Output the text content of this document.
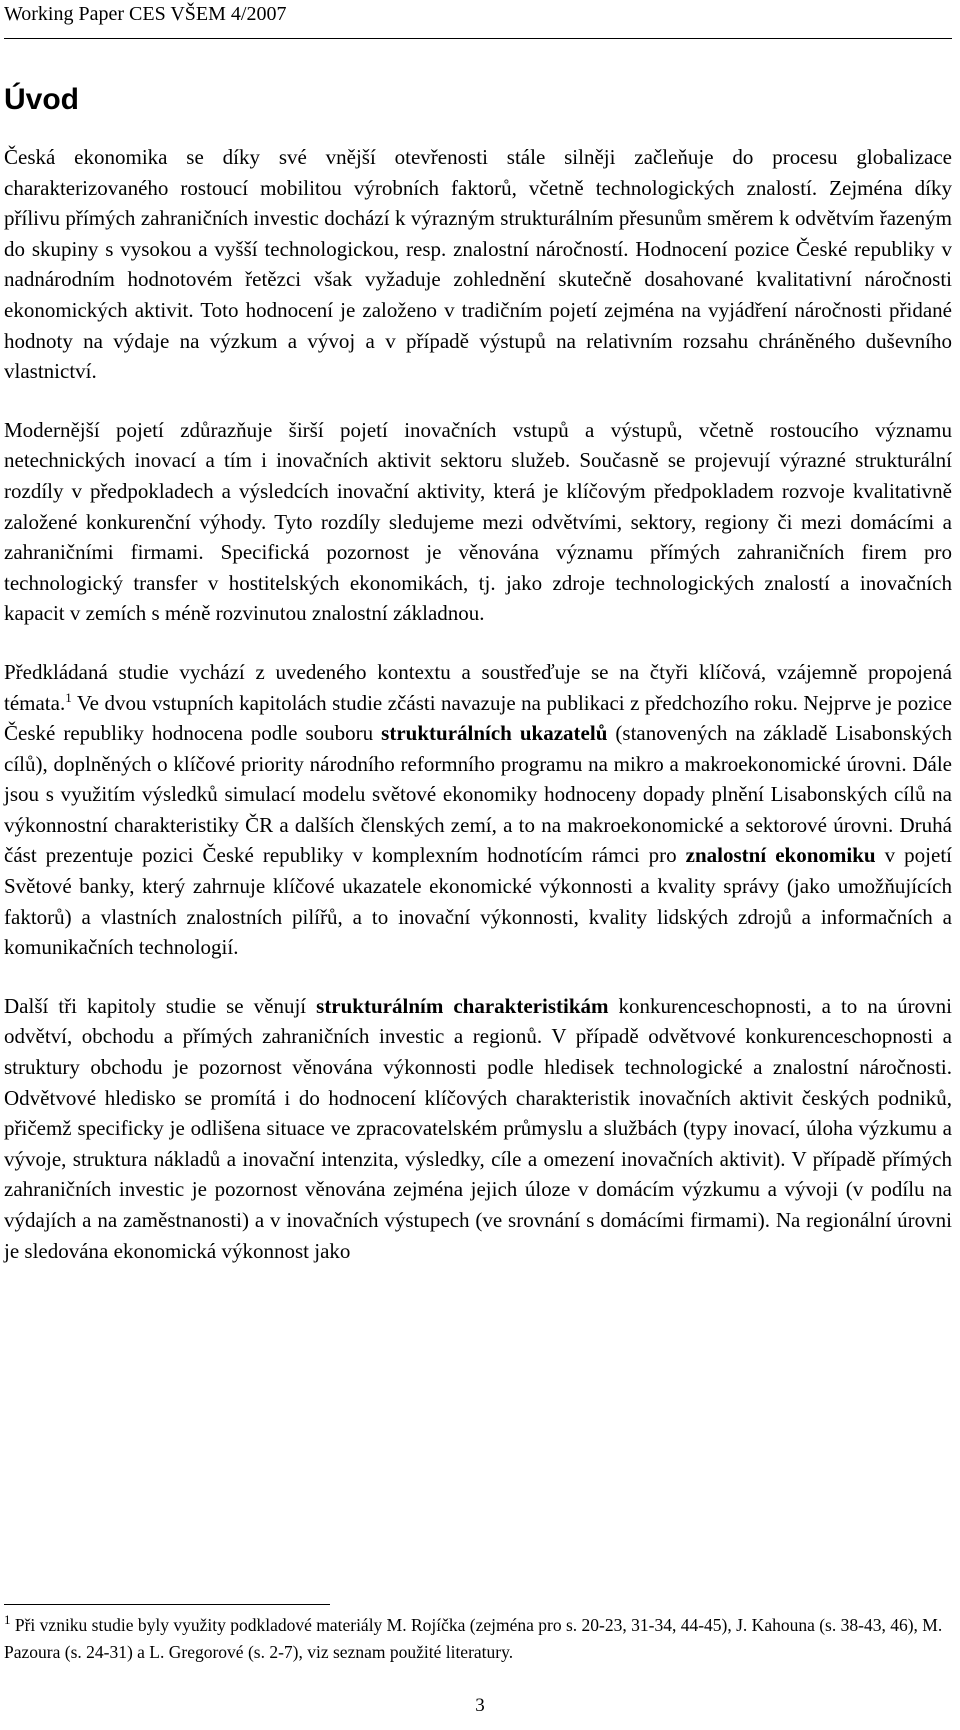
Working Paper CES VŠEM 4/2007
Úvod

Česká ekonomika se díky své vnější otevřenosti stále silněji začleňuje do procesu globalizace charakterizovaného rostoucí mobilitou výrobních faktorů, včetně technologických znalostí. Zejména díky přílivu přímých zahraničních investic dochází k výrazným strukturálním přesunům směrem k odvětvím řazeným do skupiny s vysokou a vyšší technologickou, resp. znalostní náročností. Hodnocení pozice České republiky v nadnárodním hodnotovém řetězci však vyžaduje zohlednění skutečně dosahované kvalitativní náročnosti ekonomických aktivit. Toto hodnocení je založeno v tradičním pojetí zejména na vyjádření náročnosti přidané hodnoty na výdaje na výzkum a vývoj a v případě výstupů na relativním rozsahu chráněného duševního vlastnictví.

Modernější pojetí zdůrazňuje širší pojetí inovačních vstupů a výstupů, včetně rostoucího významu netechnických inovací a tím i inovačních aktivit sektoru služeb. Současně se projevují výrazné strukturální rozdíly v předpokladech a výsledcích inovační aktivity, která je klíčovým předpokladem rozvoje kvalitativně založené konkurenční výhody. Tyto rozdíly sledujeme mezi odvětvími, sektory, regiony či mezi domácími a zahraničními firmami. Specifická pozornost je věnována významu přímých zahraničních firem pro technologický transfer v hostitelských ekonomikách, tj. jako zdroje technologických znalostí a inovačních kapacit v zemích s méně rozvinutou znalostní základnou.

Předkládaná studie vychází z uvedeného kontextu a soustřeďuje se na čtyři klíčová, vzájemně propojená témata.$^1$ Ve dvou vstupních kapitolách studie zčásti navazuje na publikaci z předchozího roku. Nejprve je pozice České republiky hodnocena podle souboru strukturálních ukazatelů (stanovených na základě Lisabonských cílů), doplněných o klíčové priority národního reformního programu na mikro a makroekonomické úrovni. Dále jsou s využitím výsledků simulací modelu světové ekonomiky hodnoceny dopady plnění Lisabonských cílů na výkonnostní charakteristiky ČR a dalších členských zemí, a to na makroekonomické a sektorové úrovni. Druhá část prezentuje pozici České republiky v komplexním hodnotícím rámci pro znalostní ekonomiku v pojetí Světové banky, který zahrnuje klíčové ukazatele ekonomické výkonnosti a kvality správy (jako umožňujících faktorů) a vlastních znalostních pilířů, a to inovační výkonnosti, kvality lidských zdrojů a informačních a komunikačních technologií.

Další tři kapitoly studie se věnují strukturálním charakteristikám konkurenceschopnosti, a to na úrovni odvětví, obchodu a přímých zahraničních investic a regionů. V případě odvětvové konkurenceschopnosti a struktury obchodu je pozornost věnována výkonnosti podle hledisek technologické a znalostní náročnosti. Odvětvové hledisko se promítá i do hodnocení klíčových charakteristik inovačních aktivit českých podniků, přičemž specificky je odlišena situace ve zpracovatelském průmyslu a službách (typy inovací, úloha výzkumu a vývoje, struktura nákladů a inovační intenzita, výsledky, cíle a omezení inovačních aktivit). V případě přímých zahraničních investic je pozornost věnována zejména jejich úloze v domácím výzkumu a vývoji (v podílu na výdajích a na zaměstnanosti) a v inovačních výstupech (ve srovnání s domácími firmami). Na regionální úrovni je sledována ekonomická výkonnost jako

$^1$ Při vzniku studie byly využity podkladové materiály M. Rojíčka (zejména pro s. 20-23, 31-34, 44-45), J. Kahouna (s. 38-43, 46), M. Pazoura (s. 24-31) a L. Gregorové (s. 2-7), viz seznam použité literatury.
3
